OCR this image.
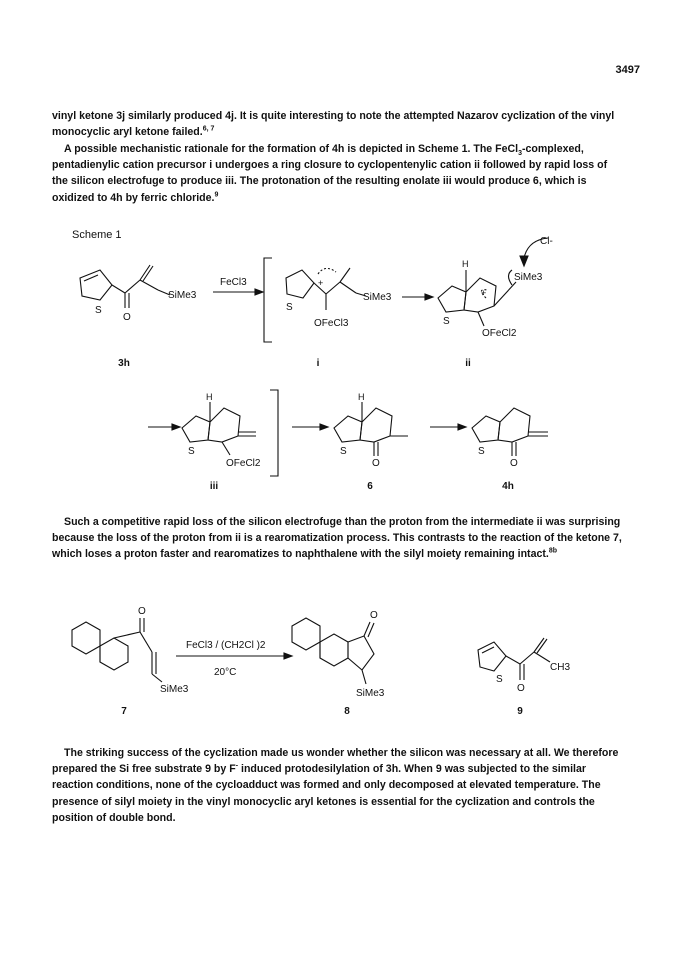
3497

vinyl ketone 3j similarly produced 4j. It is quite interesting to note the attempted Nazarov cyclization of the vinyl monocyclic aryl ketone failed.$^{6, 7}$

A possible mechanistic rationale for the formation of 4h is depicted in Scheme 1. The FeCl$_3$-complexed, pentadienylic cation precursor i undergoes a ring closure to cyclopentenylic cation ii followed by rapid loss of the silicon electrofuge to produce iii. The protonation of the resulting enolate iii would produce 6, which is oxidized to 4h by ferric chloride.$^9$

Scheme 1
S
O
SiMe3
FeCl3
S
SiMe3
OFeCl3
+
H
S
SiMe3
Cl-
OFeCl2
+
H
S
OFeCl2
H
S
O
S
O
3h	i	ii
iii	6	4h

Such a competitive rapid loss of the silicon electrofuge than the proton from the intermediate ii was surprising because the loss of the proton from ii is a rearomatization process. This contrasts to the reaction of the ketone 7, which loses a proton faster and rearomatizes to naphthalene with the silyl moiety remaining intact.$^{8b}$

O
SiMe3
FeCl3 / (CH2Cl )2
20°C
O
SiMe3
S
O
CH3
7	8	9

The striking success of the cyclization made us wonder whether the silicon was necessary at all. We therefore prepared the Si free substrate 9 by F- induced protodesilylation of 3h. When 9 was subjected to the similar reaction conditions, none of the cycloadduct was formed and only decomposed at elevated temperature. The presence of silyl moiety in the vinyl monocyclic aryl ketones is essential for the cyclization and controls the position of double bond.
